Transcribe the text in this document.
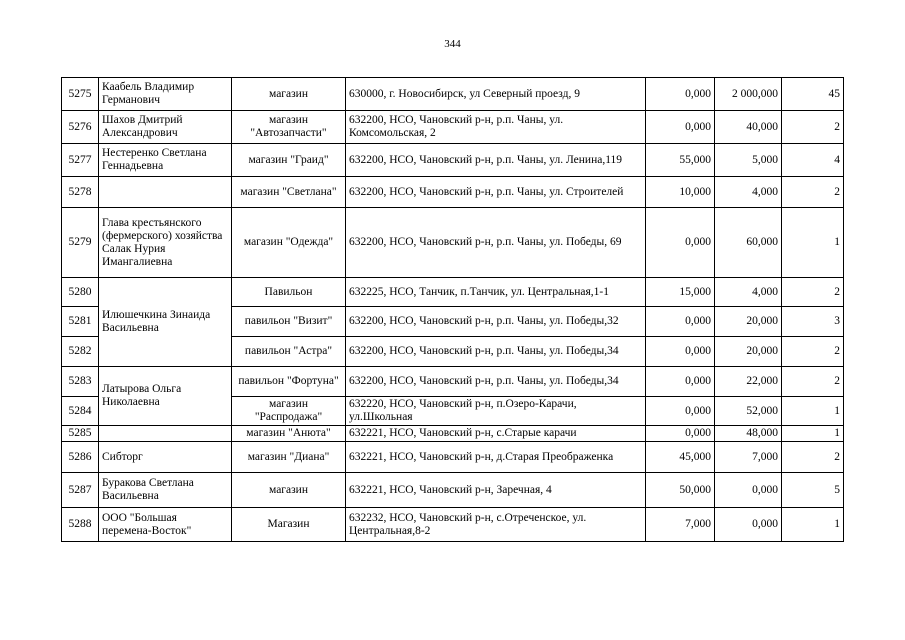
344
5275	Каабель Владимир Германович	магазин	630000, г. Новосибирск, ул Северный проезд, 9	0,000	2 000,000	45
5276	Шахов Дмитрий Александрович	магазин "Автозапчасти"	632200, НСО, Чановский р-н, р.п. Чаны, ул. Комсомольская, 2	0,000	40,000	2
5277	Нестеренко Светлана Геннадьевна	магазин "Граид"	632200, НСО, Чановский р-н, р.п. Чаны, ул. Ленина,119	55,000	5,000	4
5278		магазин "Светлана"	632200, НСО, Чановский р-н, р.п. Чаны, ул. Строителей	10,000	4,000	2
5279	Глава крестьянского (фермерского) хозяйства Салак Нурия Имангалиевна	магазин "Одежда"	632200, НСО, Чановский р-н, р.п. Чаны, ул. Победы, 69	0,000	60,000	1
5280	Илюшечкина Зинаида Васильевна	Павильон	632225, НСО, Танчик, п.Танчик, ул. Центральная,1-1	15,000	4,000	2
5281		павильон "Визит"	632200, НСО, Чановский р-н, р.п. Чаны, ул. Победы,32	0,000	20,000	3
5282		павильон "Астра"	632200, НСО, Чановский р-н, р.п. Чаны, ул. Победы,34	0,000	20,000	2
5283	Латырова Ольга Николаевна	павильон "Фортуна"	632200, НСО, Чановский р-н, р.п. Чаны, ул. Победы,34	0,000	22,000	2
5284		магазин "Распродажа"	632220, НСО, Чановский р-н, п.Озеро-Карачи, ул.Школьная	0,000	52,000	1
5285		магазин "Анюта"	632221, НСО, Чановский р-н, с.Старые карачи	0,000	48,000	1
5286	Сибторг	магазин "Диана"	632221, НСО, Чановский р-н, д.Старая Преображенка	45,000	7,000	2
5287	Буракова Светлана Васильевна	магазин	632221, НСО, Чановский р-н, Заречная, 4	50,000	0,000	5
5288	ООО "Большая перемена-Восток"	Магазин	632232, НСО, Чановский р-н, с.Отреченское, ул. Центральная,8-2	7,000	0,000	1
